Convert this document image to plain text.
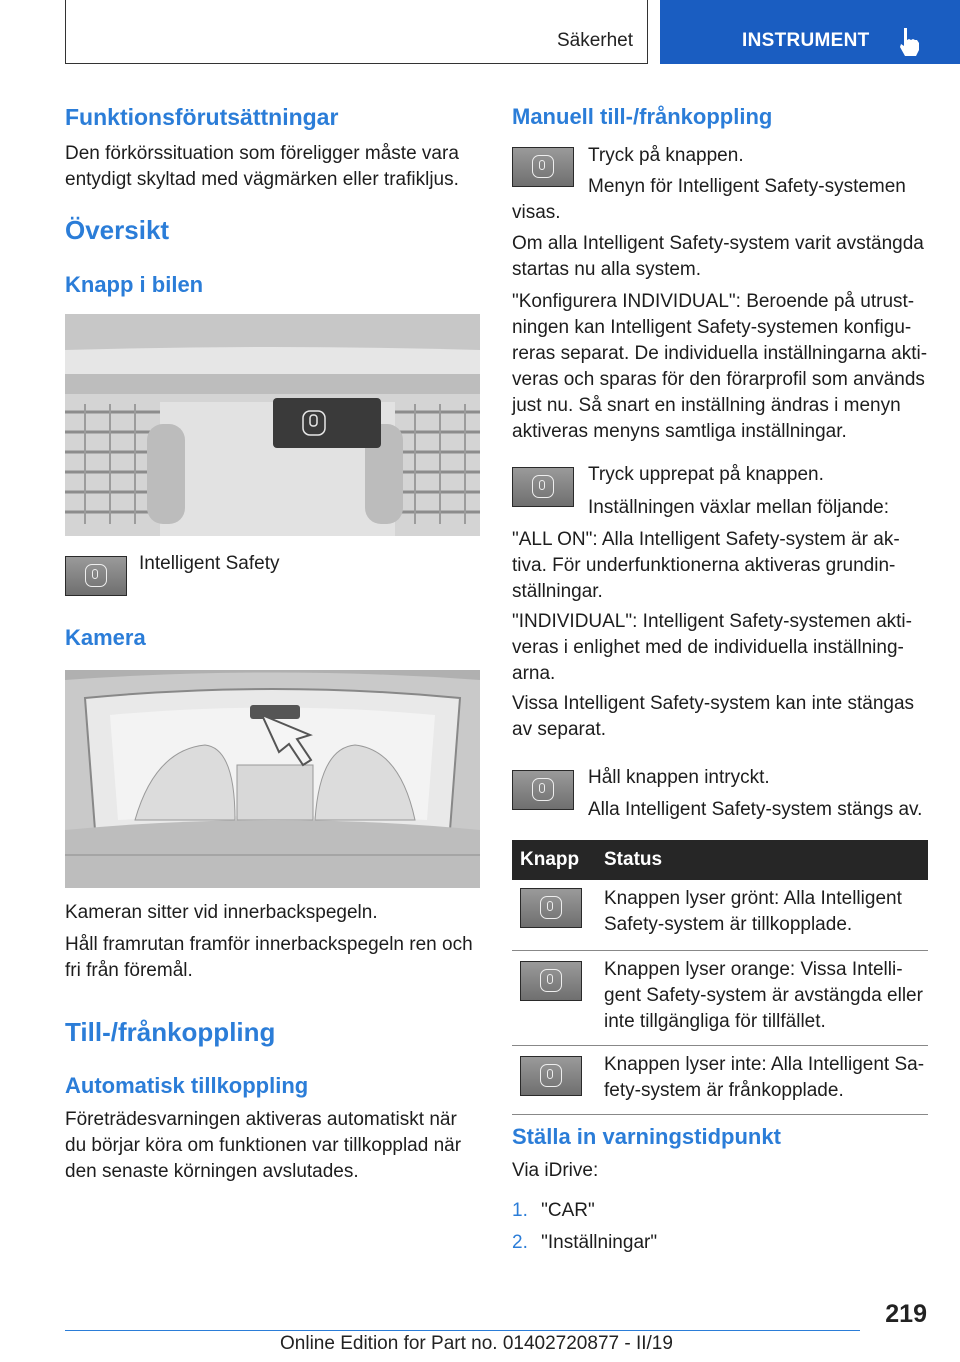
Säkerhet	INSTRUMENT
Funktionsförutsättningar

Den förkörssituation som föreligger måste vara
entydigt skyltad med vägmärken eller trafikljus.

Översikt
Knapp i bilen
Intelligent Safety
Kamera

Kameran sitter vid innerbackspegeln.

Håll framrutan framför innerbackspegeln ren och
fri från föremål.

Till-/frånkoppling
Automatisk tillkoppling

Företrädesvarningen aktiveras automatiskt när
du börjar köra om funktionen var tillkopplad när
den senaste körningen avslutades.

Manuell till-/frånkoppling
Tryck på knappen.

Menyn för Intelligent Safety-systemen
visas.

Om alla Intelligent Safety-system varit avstängda
startas nu alla system.

"Konfigurera INDIVIDUAL": Beroende på utrust-
ningen kan Intelligent Safety-systemen konfigu-
reras separat. De individuella inställningarna akti-
veras och sparas för den förarprofil som används
just nu. Så snart en inställning ändras i menyn
aktiveras menyns samtliga inställningar.

Tryck upprepat på knappen.
Inställningen växlar mellan följande:

"ALL ON": Alla Intelligent Safety-system är ak-
tiva. För underfunktionerna aktiveras grundin-
ställningar.

"INDIVIDUAL": Intelligent Safety-systemen akti-
veras i enlighet med de individuella inställning-
arna.

Vissa Intelligent Safety-system kan inte stängas
av separat.

Håll knappen intryckt.
Alla Intelligent Safety-system stängs av.
Knapp	Status

	Knappen lyser grönt: Alla Intelligent
Safety-system är tillkopplade.

	Knappen lyser orange: Vissa Intelli-
gent Safety-system är avstängda eller
inte tillgängliga för tillfället.

	Knappen lyser inte: Alla Intelligent Sa-
fety-system är frånkopplade.
Ställa in varningstidpunkt
Via iDrive:
1. "CAR"
2. "Inställningar"
219
Online Edition for Part no. 01402720877 - II/19
